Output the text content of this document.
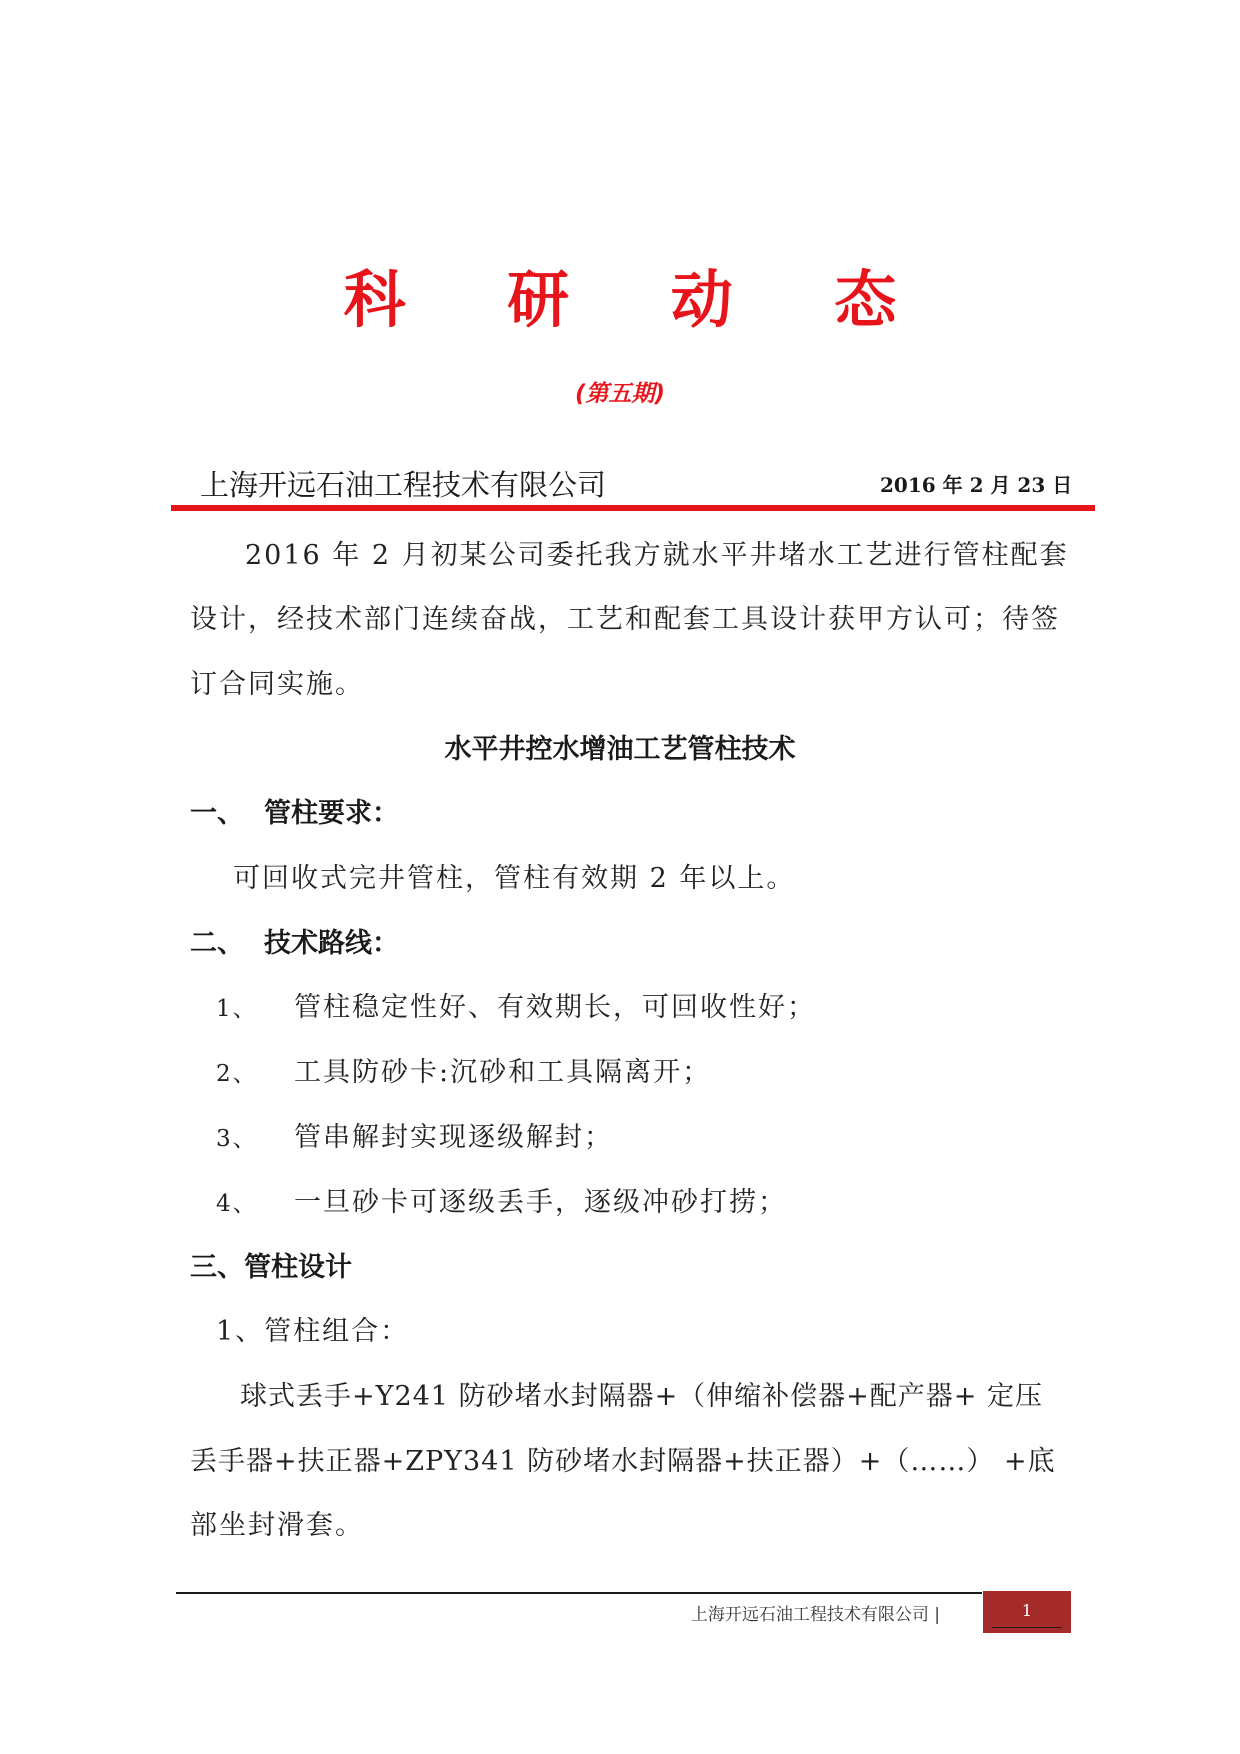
科 研 动 态
(第五期)
上海开远石油工程技术有限公司	2016 年 2 月 23 日

2016 年 2 月初某公司委托我方就水平井堵水工艺进行管柱配套

设计，经技术部门连续奋战，工艺和配套工具设计获甲方认可；待签

订合同实施。

水平井控水增油工艺管柱技术
一、 管柱要求：

可回收式完井管柱，管柱有效期 2 年以上。

二、 技术路线：
1、 管柱稳定性好、有效期长，可回收性好；
2、 工具防砂卡:沉砂和工具隔离开；
3、 管串解封实现逐级解封；
4、 一旦砂卡可逐级丢手，逐级冲砂打捞；
三、管柱设计

1、管柱组合：

球式丢手+Y241 防砂堵水封隔器+（伸缩补偿器+配产器+ 定压

丢手器+扶正器+ZPY341 防砂堵水封隔器+扶正器）+（……） +底

部坐封滑套。

上海开远石油工程技术有限公司 |	1
